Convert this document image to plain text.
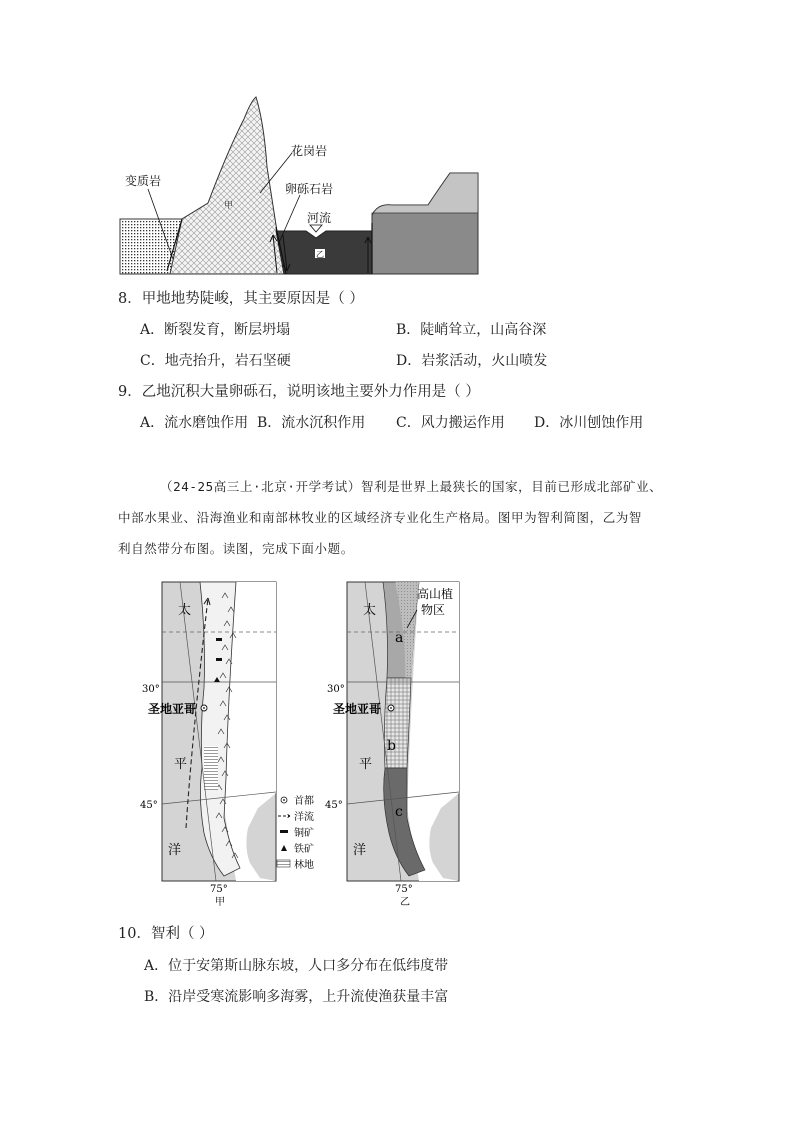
乙
甲
花岗岩
变质岩
卵砾石岩
河流
8．甲地地势陡峻，其主要原因是（ ）
A．断裂发育，断层坍塌	B．陡峭耸立，山高谷深
C．地壳抬升，岩石坚硬	D．岩浆活动，火山喷发
9．乙地沉积大量卵砾石，说明该地主要外力作用是（ ）
A．流水磨蚀作用 B．流水沉积作用 C．风力搬运作用 D．冰川刨蚀作用
（24-25高三上·北京·开学考试）智利是世界上最狭长的国家，目前已形成北部矿业、
中部水果业、沿海渔业和南部林牧业的区域经济专业化生产格局。图甲为智利简图，乙为智
利自然带分布图。读图，完成下面小题。
太
平
洋
30°
45°
75°
圣地亚哥
甲
首都
洋流
铜矿
铁矿
林地
太
平
洋
30°
45°
75°
圣地亚哥
乙
高山植
物区
a
b
c
10．智利（ ）
A．位于安第斯山脉东坡，人口多分布在低纬度带
B．沿岸受寒流影响多海雾，上升流使渔获量丰富
